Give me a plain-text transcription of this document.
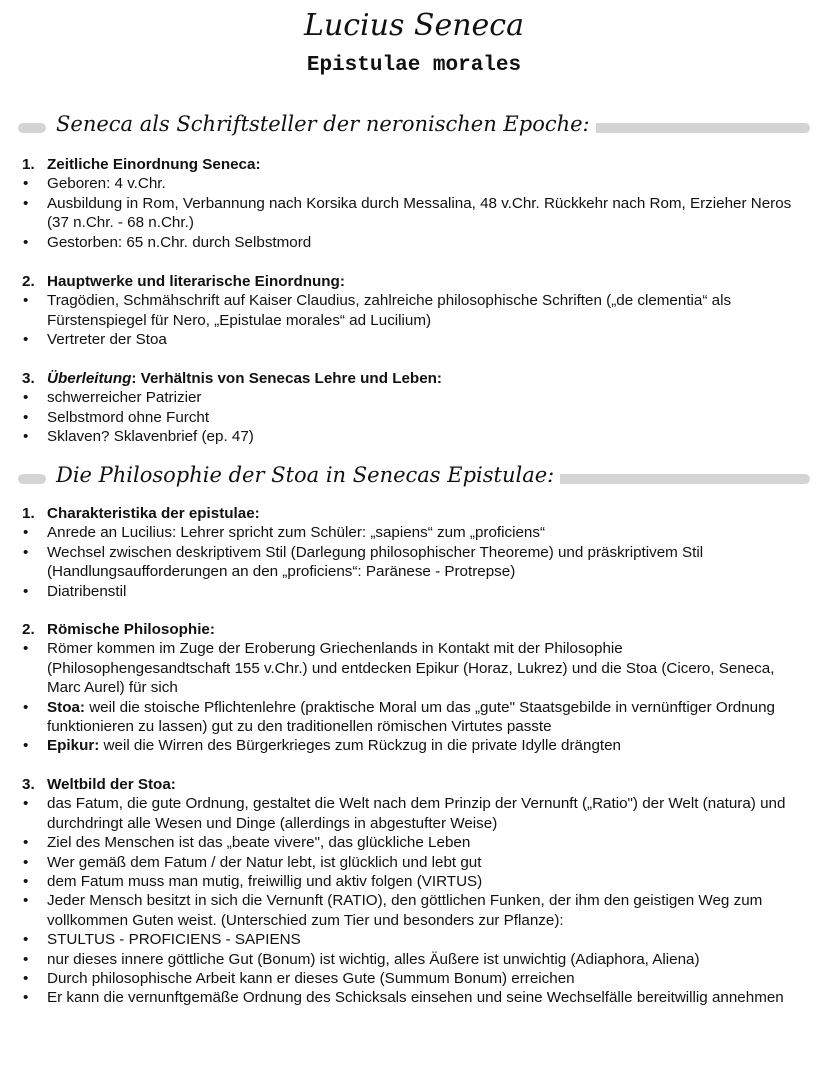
Lucius Seneca
Epistulae morales
Seneca als Schriftsteller der neronischen Epoche:
1. Zeitliche Einordnung Seneca:
• Geboren: 4 v.Chr.
• Ausbildung in Rom, Verbannung nach Korsika durch Messalina, 48 v.Chr. Rückkehr nach Rom, Erzieher Neros (37 n.Chr. - 68 n.Chr.)
• Gestorben: 65 n.Chr. durch Selbstmord
2. Hauptwerke und literarische Einordnung:
• Tragödien, Schmähschrift auf Kaiser Claudius, zahlreiche philosophische Schriften („de clementia“ als Fürstenspiegel für Nero, „Epistulae morales“ ad Lucilium)
• Vertreter der Stoa
3. Überleitung: Verhältnis von Senecas Lehre und Leben:
• schwerreicher Patrizier
• Selbstmord ohne Furcht
• Sklaven? Sklavenbrief (ep. 47)
Die Philosophie der Stoa in Senecas Epistulae:
1. Charakteristika der epistulae:
• Anrede an Lucilius: Lehrer spricht zum Schüler: „sapiens“ zum „proficiens“
• Wechsel zwischen deskriptivem Stil (Darlegung philosophischer Theoreme) und präskriptivem Stil (Handlungsaufforderungen an den „proficiens“: Paränese - Protrepse)
• Diatribenstil
2. Römische Philosophie:
• Römer kommen im Zuge der Eroberung Griechenlands in Kontakt mit der Philosophie (Philosophengesandtschaft 155 v.Chr.) und entdecken Epikur (Horaz, Lukrez) und die Stoa (Cicero, Seneca, Marc Aurel) für sich
• Stoa: weil die stoische Pflichtenlehre (praktische Moral um das „gute" Staatsgebilde in vernünftiger Ordnung funktionieren zu lassen) gut zu den traditionellen römischen Virtutes passte
• Epikur: weil die Wirren des Bürgerkrieges zum Rückzug in die private Idylle drängten
3. Weltbild der Stoa:
• das Fatum, die gute Ordnung, gestaltet die Welt nach dem Prinzip der Vernunft („Ratio") der Welt (natura) und durchdringt alle Wesen und Dinge (allerdings in abgestufter Weise)
• Ziel des Menschen ist das „beate vivere", das glückliche Leben
• Wer gemäß dem Fatum / der Natur lebt, ist glücklich und lebt gut
• dem Fatum muss man mutig, freiwillig und aktiv folgen (VIRTUS)
• Jeder Mensch besitzt in sich die Vernunft (RATIO), den göttlichen Funken, der ihm den geistigen Weg zum vollkommen Guten weist. (Unterschied zum Tier und besonders zur Pflanze):
• STULTUS - PROFICIENS - SAPIENS
• nur dieses innere göttliche Gut (Bonum) ist wichtig, alles Äußere ist unwichtig (Adiaphora, Aliena)
• Durch philosophische Arbeit kann er dieses Gute (Summum Bonum) erreichen
• Er kann die vernunftgemäße Ordnung des Schicksals einsehen und seine Wechselfälle bereitwillig annehmen
